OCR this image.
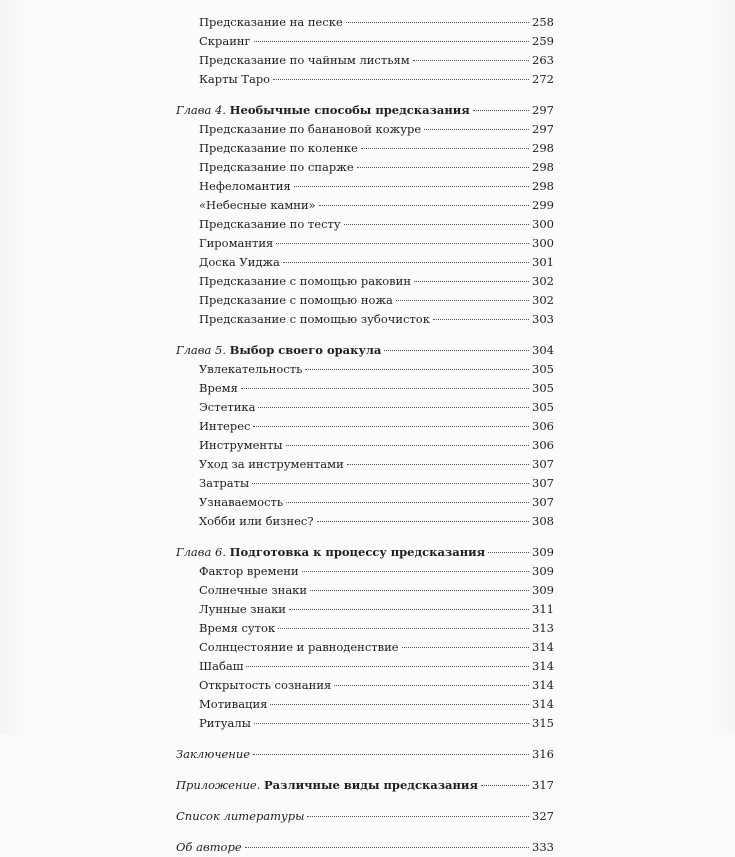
Предсказание на песке	258
Скраинг	259
Предсказание по чайным листьям	263
Карты Таро	272
Глава 4. Необычные способы предсказания	297
Предсказание по банановой кожуре	297
Предсказание по коленке	298
Предсказание по спарже	298
Нефеломантия	298
«Небесные камни»	299
Предсказание по тесту	300
Гиромантия	300
Доска Уиджа	301
Предсказание с помощью раковин	302
Предсказание с помощью ножа	302
Предсказание с помощью зубочисток	303
Глава 5. Выбор своего оракула	304
Увлекательность	305
Время	305
Эстетика	305
Интерес	306
Инструменты	306
Уход за инструментами	307
Затраты	307
Узнаваемость	307
Хобби или бизнес?	308
Глава 6. Подготовка к процессу предсказания	309
Фактор времени	309
Солнечные знаки	309
Лунные знаки	311
Время суток	313
Солнцестояние и равноденствие	314
Шабаш	314
Открытость сознания	314
Мотивация	314
Ритуалы	315
Заключение	316
Приложение. Различные виды предсказания	317
Список литературы	327
Об авторе	333
